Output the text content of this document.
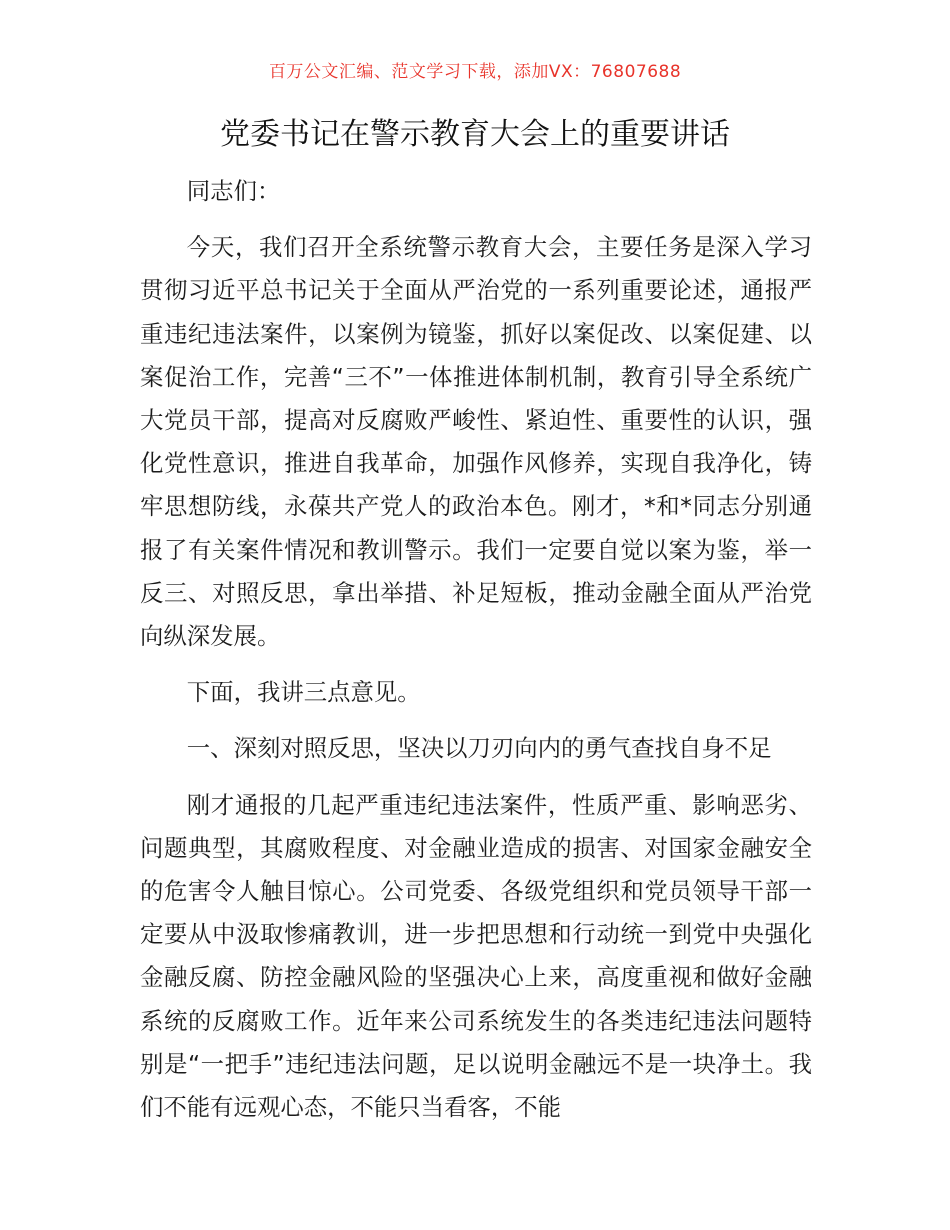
百万公文汇编、范文学习下载，添加VX：76807688
党委书记在警示教育大会上的重要讲话

同志们：

今天，我们召开全系统警示教育大会，主要任务是深入学习贯彻习近平总书记关于全面从严治党的一系列重要论述，通报严重违纪违法案件，以案例为镜鉴，抓好以案促改、以案促建、以案促治工作，完善“三不”一体推进体制机制，教育引导全系统广大党员干部，提高对反腐败严峻性、紧迫性、重要性的认识，强化党性意识，推进自我革命，加强作风修养，实现自我净化，铸牢思想防线，永葆共产党人的政治本色。刚才，*和*同志分别通报了有关案件情况和教训警示。我们一定要自觉以案为鉴，举一反三、对照反思，拿出举措、补足短板，推动金融全面从严治党向纵深发展。

下面，我讲三点意见。

一、深刻对照反思，坚决以刀刃向内的勇气查找自身不足

刚才通报的几起严重违纪违法案件，性质严重、影响恶劣、问题典型，其腐败程度、对金融业造成的损害、对国家金融安全的危害令人触目惊心。公司党委、各级党组织和党员领导干部一定要从中汲取惨痛教训，进一步把思想和行动统一到党中央强化金融反腐、防控金融风险的坚强决心上来，高度重视和做好金融系统的反腐败工作。近年来公司系统发生的各类违纪违法问题特别是“一把手”违纪违法问题，足以说明金融远不是一块净土。我们不能有远观心态，不能只当看客，不能
